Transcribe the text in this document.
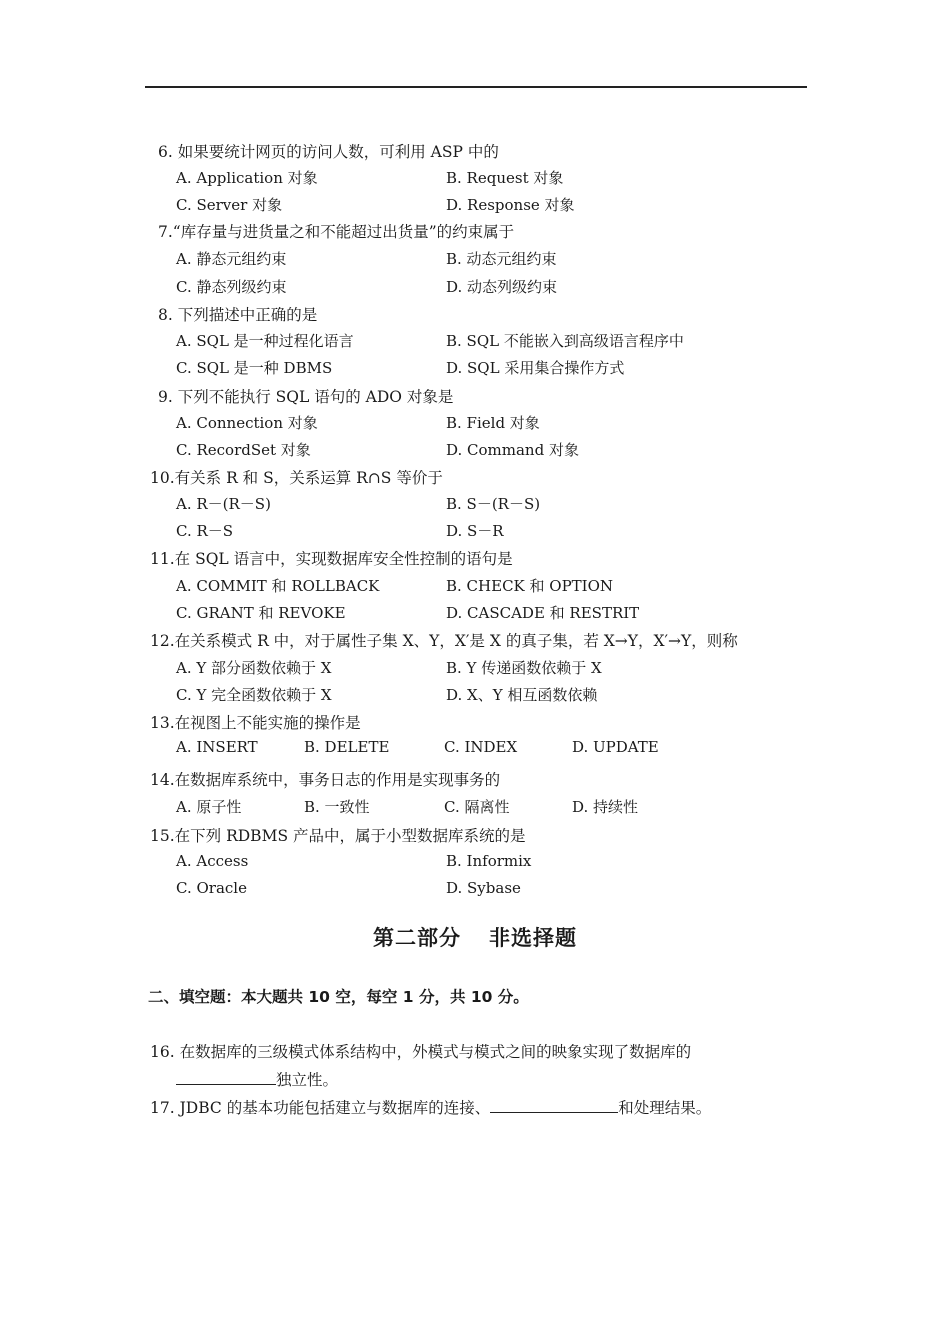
6. 如果要统计网页的访问人数，可利用 ASP 中的
A. Application 对象	B. Request 对象
C. Server 对象	D. Response 对象
7.“库存量与进货量之和不能超过出货量”的约束属于
A. 静态元组约束	B. 动态元组约束
C. 静态列级约束	D. 动态列级约束
8. 下列描述中正确的是
A. SQL 是一种过程化语言	B. SQL 不能嵌入到高级语言程序中
C. SQL 是一种 DBMS	D. SQL 采用集合操作方式
9. 下列不能执行 SQL 语句的 ADO 对象是
A. Connection 对象	B. Field 对象
C. RecordSet 对象	D. Command 对象
10.有关系 R 和 S，关系运算 R∩S 等价于
A. R－(R－S)	B. S－(R－S)
C. R－S	D. S－R
11.在 SQL 语言中，实现数据库安全性控制的语句是
A. COMMIT 和 ROLLBACK	B. CHECK 和 OPTION
C. GRANT 和 REVOKE	D. CASCADE 和 RESTRIT
12.在关系模式 R 中，对于属性子集 X、Y，X′是 X 的真子集，若 X→Y，X′→Y，则称
A. Y 部分函数依赖于 X	B. Y 传递函数依赖于 X
C. Y 完全函数依赖于 X	D. X、Y 相互函数依赖
13.在视图上不能实施的操作是
A. INSERT	B. DELETE	C. INDEX	D. UPDATE
14.在数据库系统中，事务日志的作用是实现事务的
A. 原子性	B. 一致性	C. 隔离性	D. 持续性
15.在下列 RDBMS 产品中，属于小型数据库系统的是
A. Access	B. Informix
C. Oracle	D. Sybase
第二部分 非选择题
二、填空题：本大题共 10 空，每空 1 分，共 10 分。
16. 在数据库的三级模式体系结构中，外模式与模式之间的映象实现了数据库的
独立性。
17. JDBC 的基本功能包括建立与数据库的连接、	和处理结果。
